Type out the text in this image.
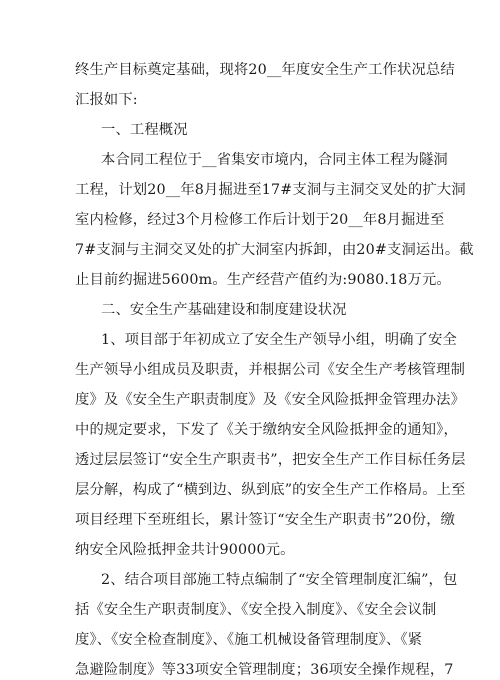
终生产目标奠定基础，现将20__年度安全生产工作状况总结
汇报如下:
一、工程概况
本合同工程位于__省集安市境内，合同主体工程为隧洞
工程，计划20__年8月掘进至17#支洞与主洞交叉处的扩大洞
室内检修，经过3个月检修工作后计划于20__年8月掘进至
7#支洞与主洞交叉处的扩大洞室内拆卸，由20#支洞运出。截
止目前约掘进5600m。生产经营产值约为:9080.18万元。
二、安全生产基础建设和制度建设状况
1、项目部于年初成立了安全生产领导小组，明确了安全
生产领导小组成员及职责，并根据公司《安全生产考核管理制
度》及《安全生产职责制度》及《安全风险抵押金管理办法》
中的规定要求，下发了《关于缴纳安全风险抵押金的通知》，
透过层层签订“安全生产职责书”，把安全生产工作目标任务层
层分解，构成了“横到边、纵到底”的安全生产工作格局。上至
项目经理下至班组长，累计签订“安全生产职责书”20份，缴
纳安全风险抵押金共计90000元。
2、结合项目部施工特点编制了“安全管理制度汇编”，包
括《安全生产职责制度》、《安全投入制度》、《安全会议制
度》、《安全检查制度》、《施工机械设备管理制度》、《紧
急避险制度》等33项安全管理制度；36项安全操作规程，7
